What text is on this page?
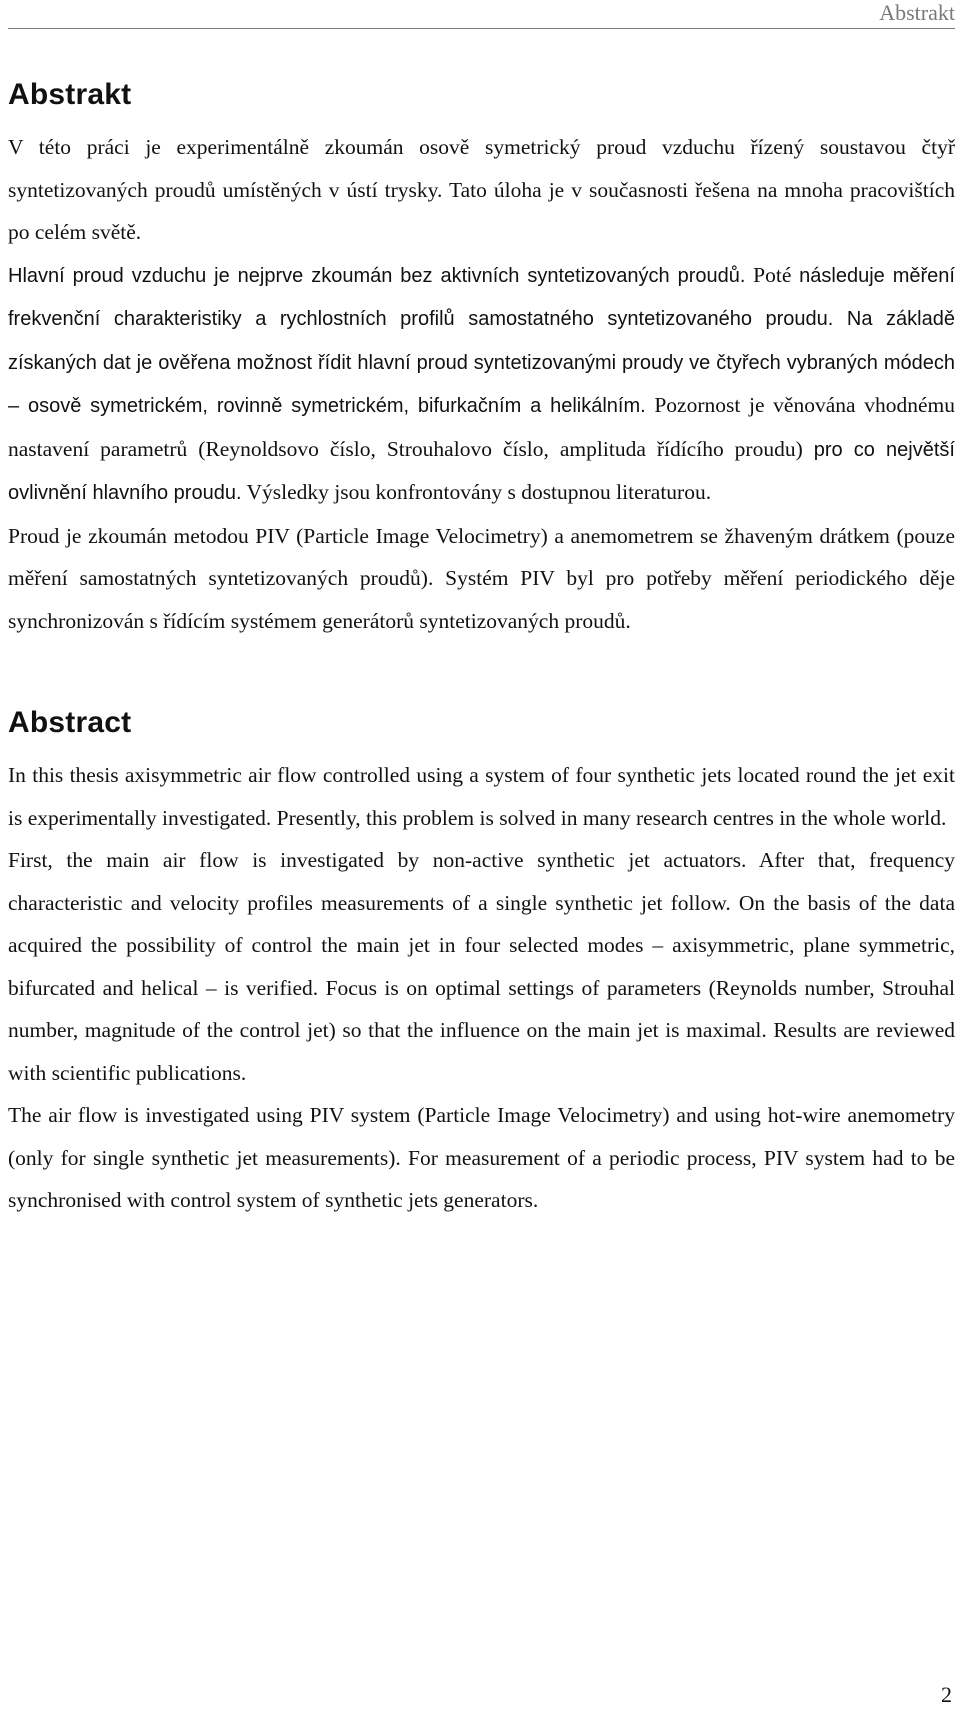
Abstrakt
Abstrakt

V této práci je experimentálně zkoumán osově symetrický proud vzduchu řízený soustavou čtyř syntetizovaných proudů umístěných v ústí trysky. Tato úloha je v současnosti řešena na mnoha pracovištích po celém světě.

Hlavní proud vzduchu je nejprve zkoumán bez aktivních syntetizovaných proudů. Poté následuje měření frekvenční charakteristiky a rychlostních profilů samostatného syntetizovaného proudu. Na základě získaných dat je ověřena možnost řídit hlavní proud syntetizovanými proudy ve čtyřech vybraných módech – osově symetrickém, rovinně symetrickém, bifurkačním a helikálním. Pozornost je věnována vhodnému nastavení parametrů (Reynoldsovo číslo, Strouhalovo číslo, amplituda řídícího proudu) pro co největší ovlivnění hlavního proudu. Výsledky jsou konfrontovány s dostupnou literaturou.

Proud je zkoumán metodou PIV (Particle Image Velocimetry) a anemometrem se žhaveným drátkem (pouze měření samostatných syntetizovaných proudů). Systém PIV byl pro potřeby měření periodického děje synchronizován s řídícím systémem generátorů syntetizovaných proudů.

Abstract

In this thesis axisymmetric air flow controlled using a system of four synthetic jets located round the jet exit is experimentally investigated. Presently, this problem is solved in many research centres in the whole world.

First, the main air flow is investigated by non-active synthetic jet actuators. After that, frequency characteristic and velocity profiles measurements of a single synthetic jet follow. On the basis of the data acquired the possibility of control the main jet in four selected modes – axisymmetric, plane symmetric, bifurcated and helical – is verified. Focus is on optimal settings of parameters (Reynolds number, Strouhal number, magnitude of the control jet) so that the influence on the main jet is maximal. Results are reviewed with scientific publications.

The air flow is investigated using PIV system (Particle Image Velocimetry) and using hot-wire anemometry (only for single synthetic jet measurements). For measurement of a periodic process, PIV system had to be synchronised with control system of synthetic jets generators.

2
